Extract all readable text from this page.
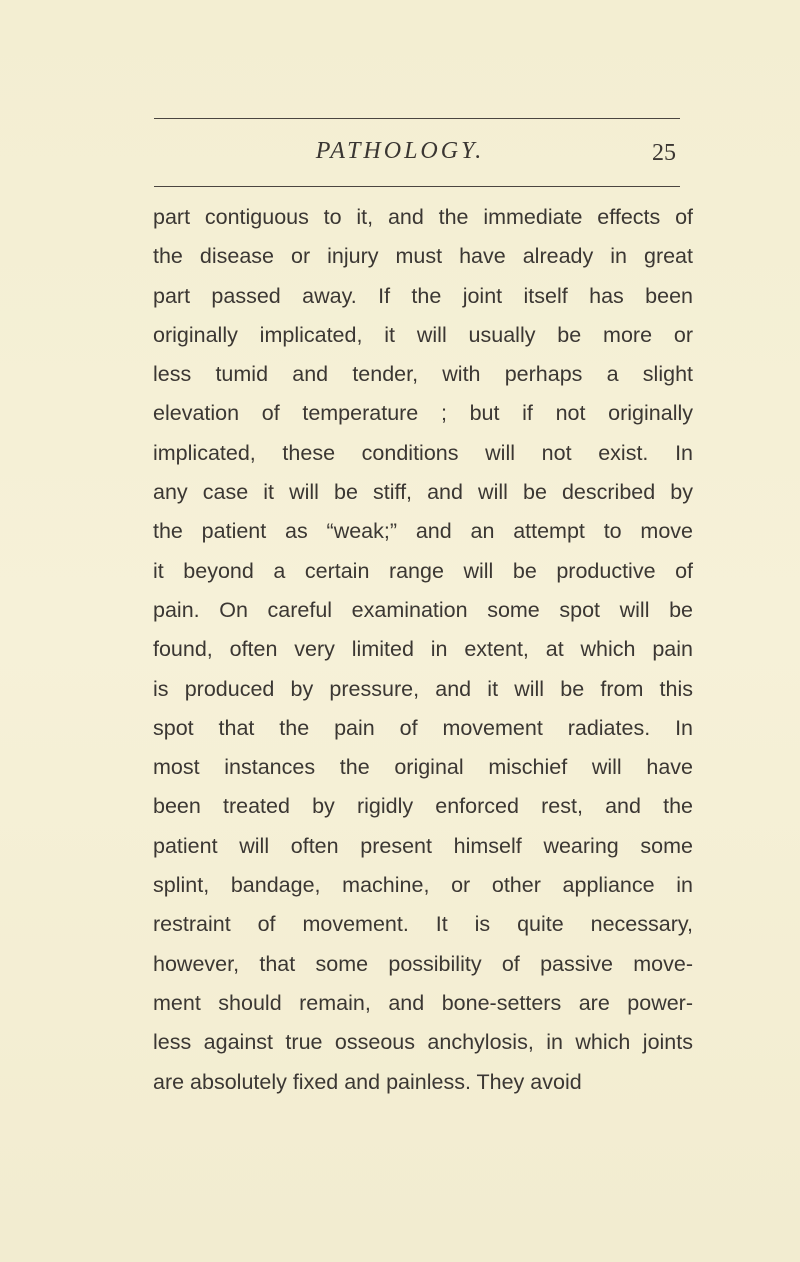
PATHOLOGY.	25
part contiguous to it, and the immediate effects of
the disease or injury must have already in great
part passed away. If the joint itself has been
originally implicated, it will usually be more or
less tumid and tender, with perhaps a slight
elevation of temperature ; but if not originally
implicated, these conditions will not exist. In
any case it will be stiff, and will be described by
the patient as “weak;” and an attempt to move
it beyond a certain range will be productive of
pain. On careful examination some spot will be
found, often very limited in extent, at which pain
is produced by pressure, and it will be from this
spot that the pain of movement radiates. In
most instances the original mischief will have
been treated by rigidly enforced rest, and the
patient will often present himself wearing some
splint, bandage, machine, or other appliance in
restraint of movement. It is quite necessary,
however, that some possibility of passive move-
ment should remain, and bone-setters are power-
less against true osseous anchylosis, in which joints
are absolutely fixed and painless. They avoid
